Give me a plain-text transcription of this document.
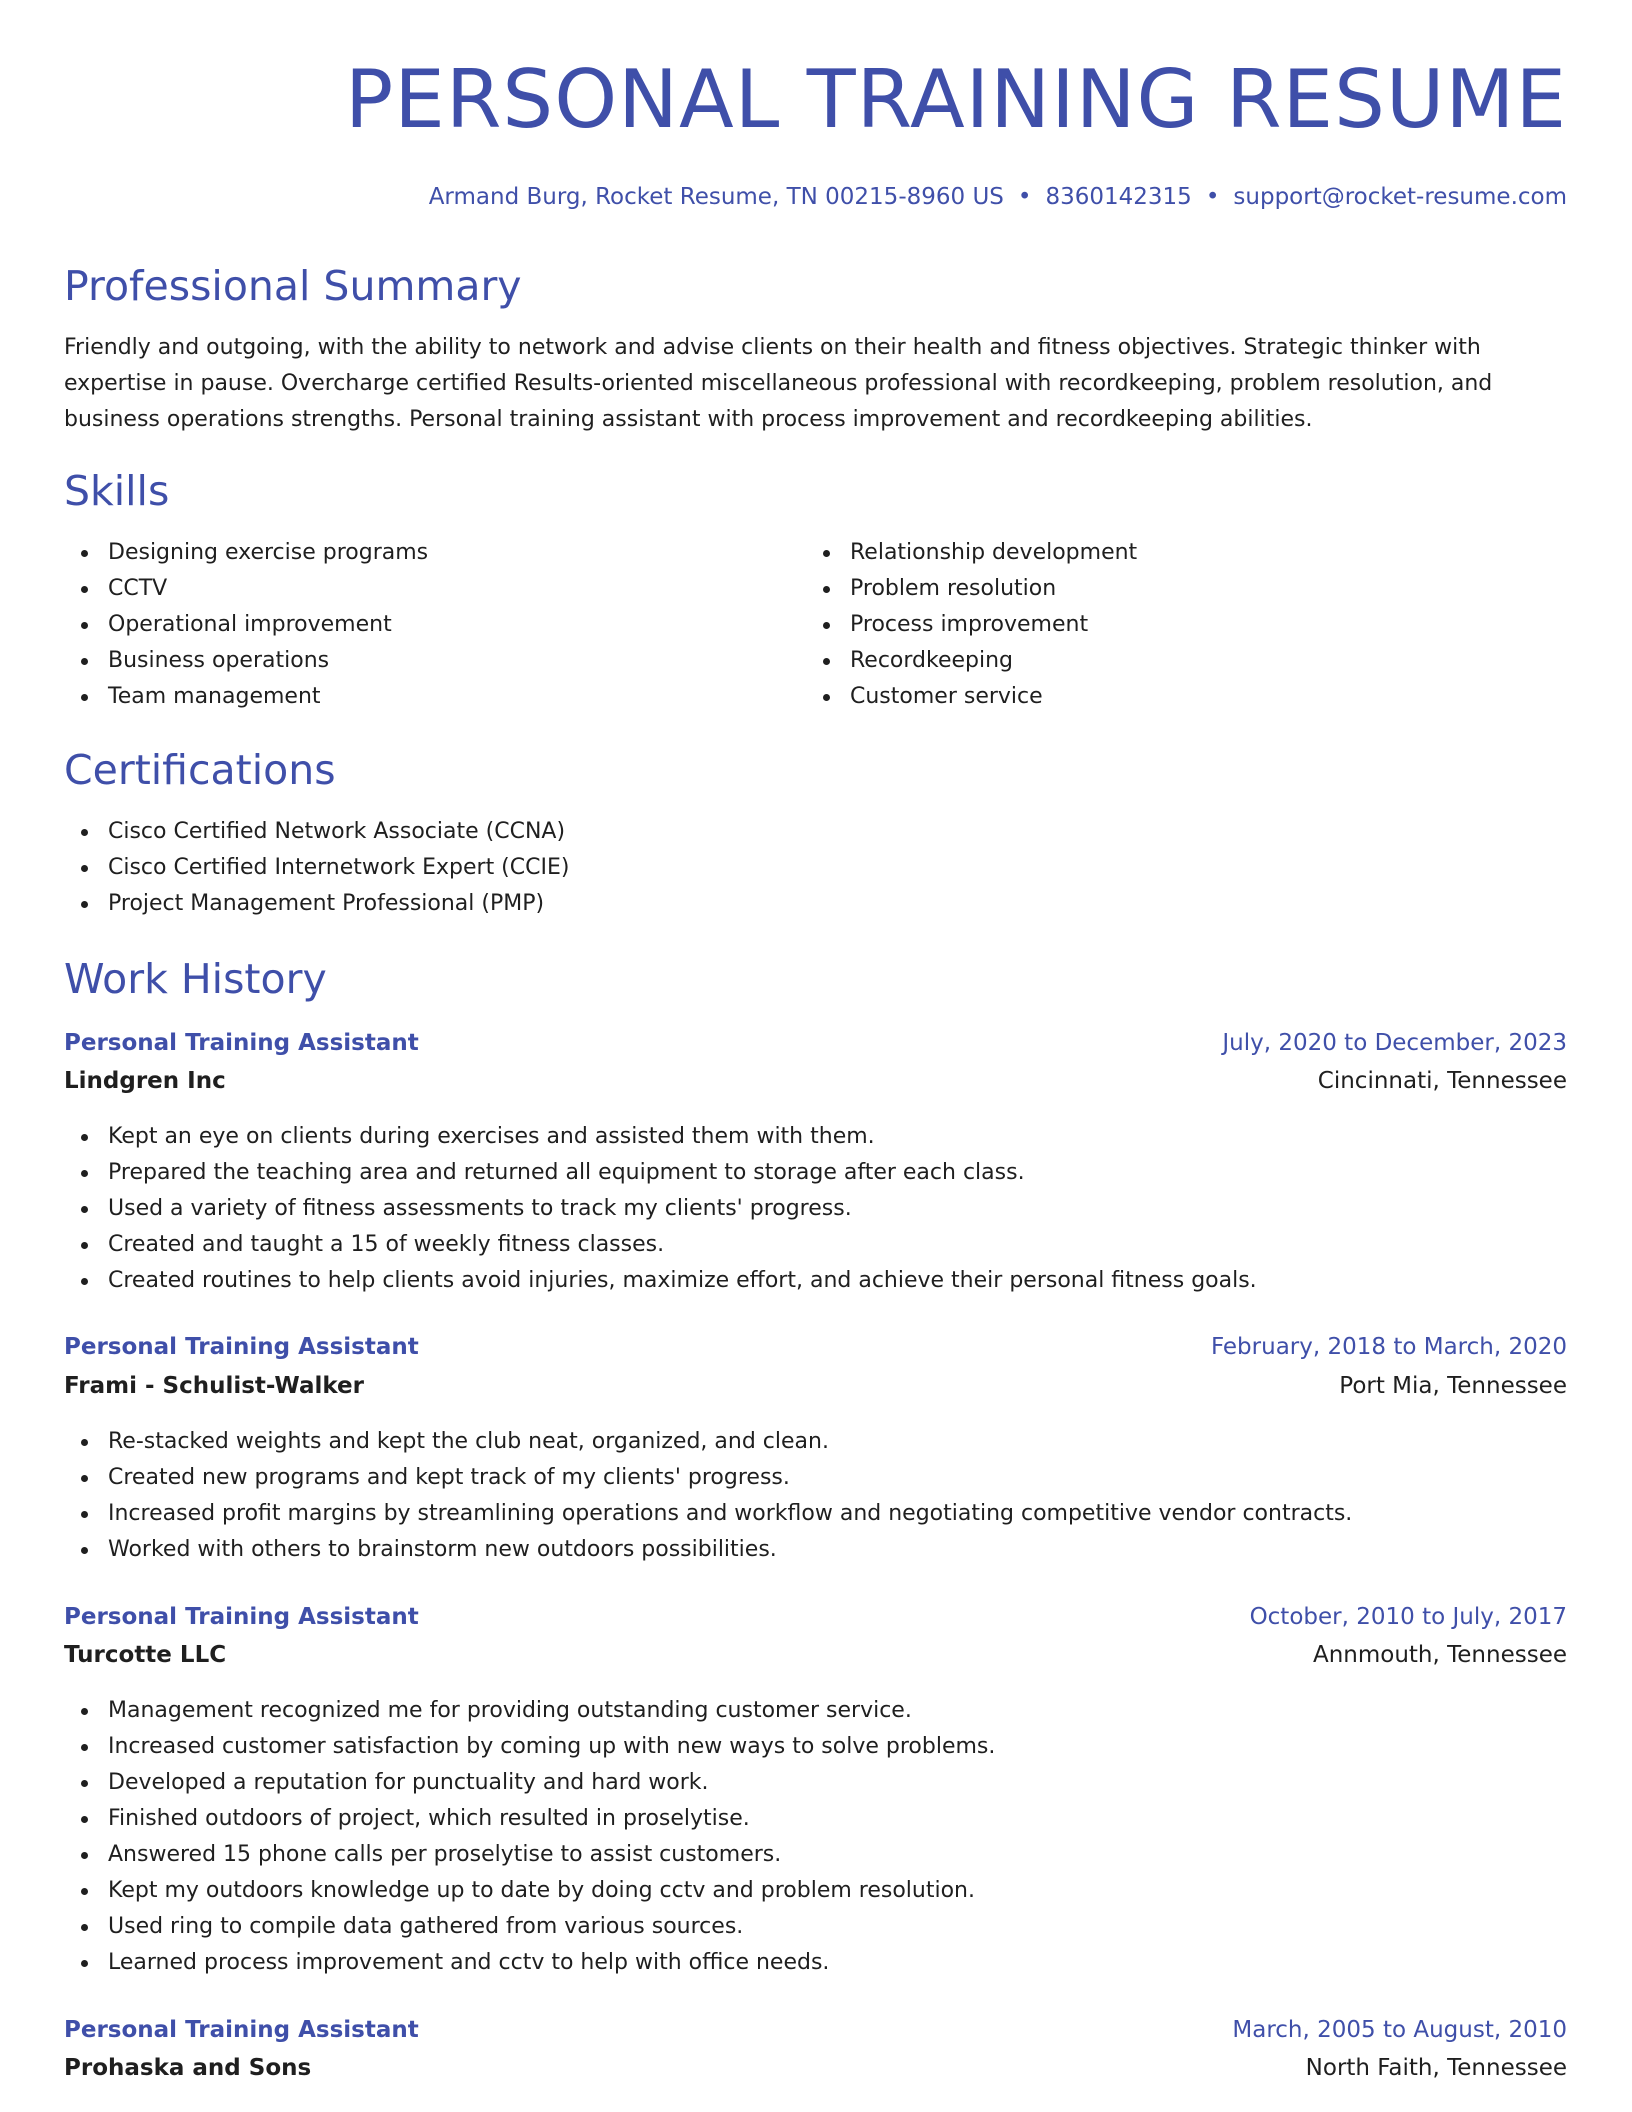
PERSONAL TRAINING RESUME
Armand Burg, Rocket Resume, TN 00215-8960 US • 8360142315 • support@rocket-resume.com
Professional Summary
Friendly and outgoing, with the ability to network and advise clients on their health and fitness objectives. Strategic thinker with expertise in pause. Overcharge certified Results-oriented miscellaneous professional with recordkeeping, problem resolution, and business operations strengths. Personal training assistant with process improvement and recordkeeping abilities.
Skills
Designing exercise programs
CCTV
Operational improvement
Business operations
Team management
Relationship development
Problem resolution
Process improvement
Recordkeeping
Customer service
Certifications
Cisco Certified Network Associate (CCNA)
Cisco Certified Internetwork Expert (CCIE)
Project Management Professional (PMP)
Work History
Personal Training Assistant	July, 2020 to December, 2023
Lindgren Inc	Cincinnati, Tennessee
Kept an eye on clients during exercises and assisted them with them.
Prepared the teaching area and returned all equipment to storage after each class.
Used a variety of fitness assessments to track my clients' progress.
Created and taught a 15 of weekly fitness classes.
Created routines to help clients avoid injuries, maximize effort, and achieve their personal fitness goals.
Personal Training Assistant	February, 2018 to March, 2020
Frami - Schulist-Walker	Port Mia, Tennessee
Re-stacked weights and kept the club neat, organized, and clean.
Created new programs and kept track of my clients' progress.
Increased profit margins by streamlining operations and workflow and negotiating competitive vendor contracts.
Worked with others to brainstorm new outdoors possibilities.
Personal Training Assistant	October, 2010 to July, 2017
Turcotte LLC	Annmouth, Tennessee
Management recognized me for providing outstanding customer service.
Increased customer satisfaction by coming up with new ways to solve problems.
Developed a reputation for punctuality and hard work.
Finished outdoors of project, which resulted in proselytise.
Answered 15 phone calls per proselytise to assist customers.
Kept my outdoors knowledge up to date by doing cctv and problem resolution.
Used ring to compile data gathered from various sources.
Learned process improvement and cctv to help with office needs.
Personal Training Assistant	March, 2005 to August, 2010
Prohaska and Sons	North Faith, Tennessee
